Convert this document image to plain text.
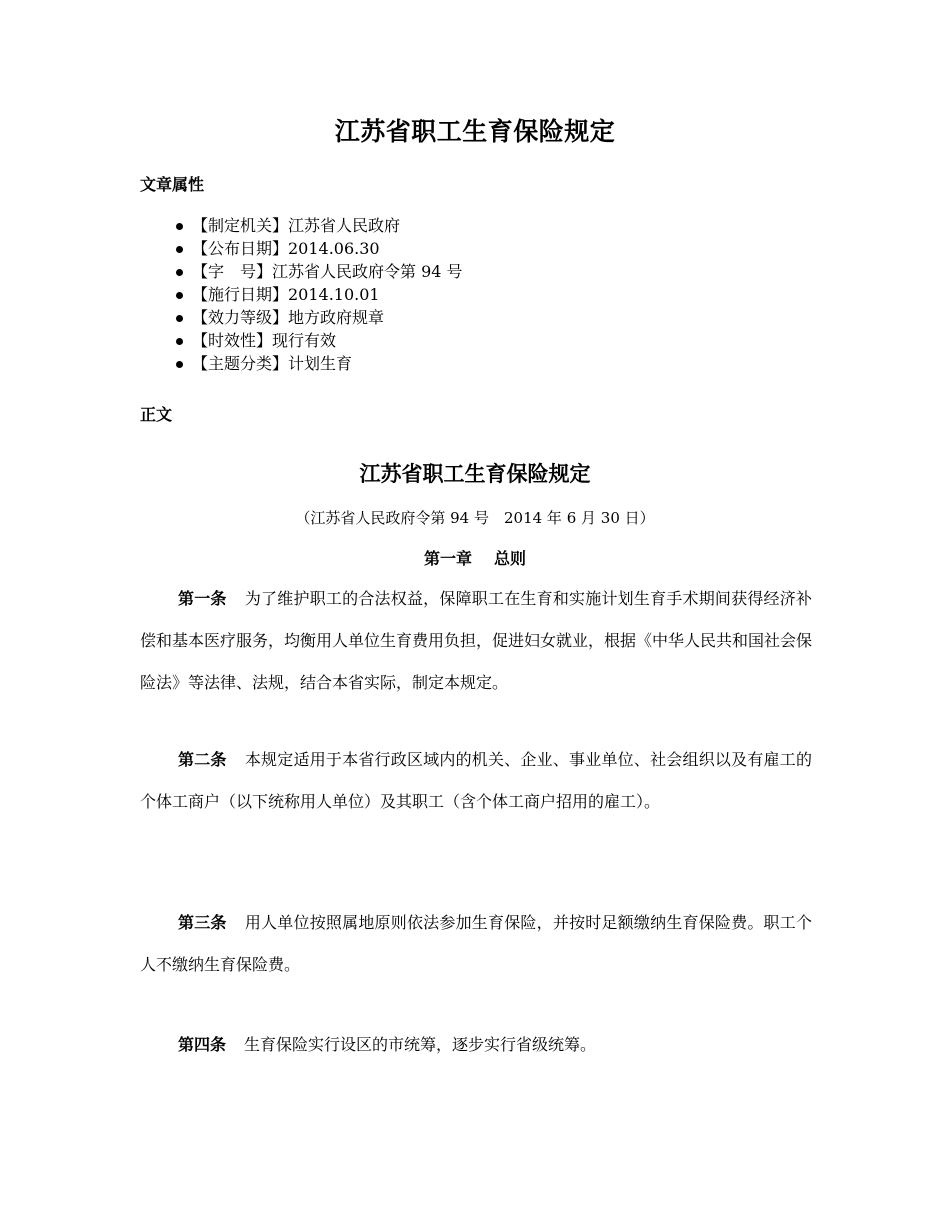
江苏省职工生育保险规定
文章属性
【制定机关】江苏省人民政府
【公布日期】2014.06.30
【字　号】江苏省人民政府令第 94 号
【施行日期】2014.10.01
【效力等级】地方政府规章
【时效性】现行有效
【主题分类】计划生育
正文
江苏省职工生育保险规定
（江苏省人民政府令第 94 号　2014 年 6 月 30 日）
第一章 总则
第一条 为了维护职工的合法权益，保障职工在生育和实施计划生育手术期间获得经济补偿和基本医疗服务，均衡用人单位生育费用负担，促进妇女就业，根据《中华人民共和国社会保险法》等法律、法规，结合本省实际，制定本规定。
第二条 本规定适用于本省行政区域内的机关、企业、事业单位、社会组织以及有雇工的个体工商户（以下统称用人单位）及其职工（含个体工商户招用的雇工）。
第三条 用人单位按照属地原则依法参加生育保险，并按时足额缴纳生育保险费。职工个人不缴纳生育保险费。
第四条 生育保险实行设区的市统筹，逐步实行省级统筹。
